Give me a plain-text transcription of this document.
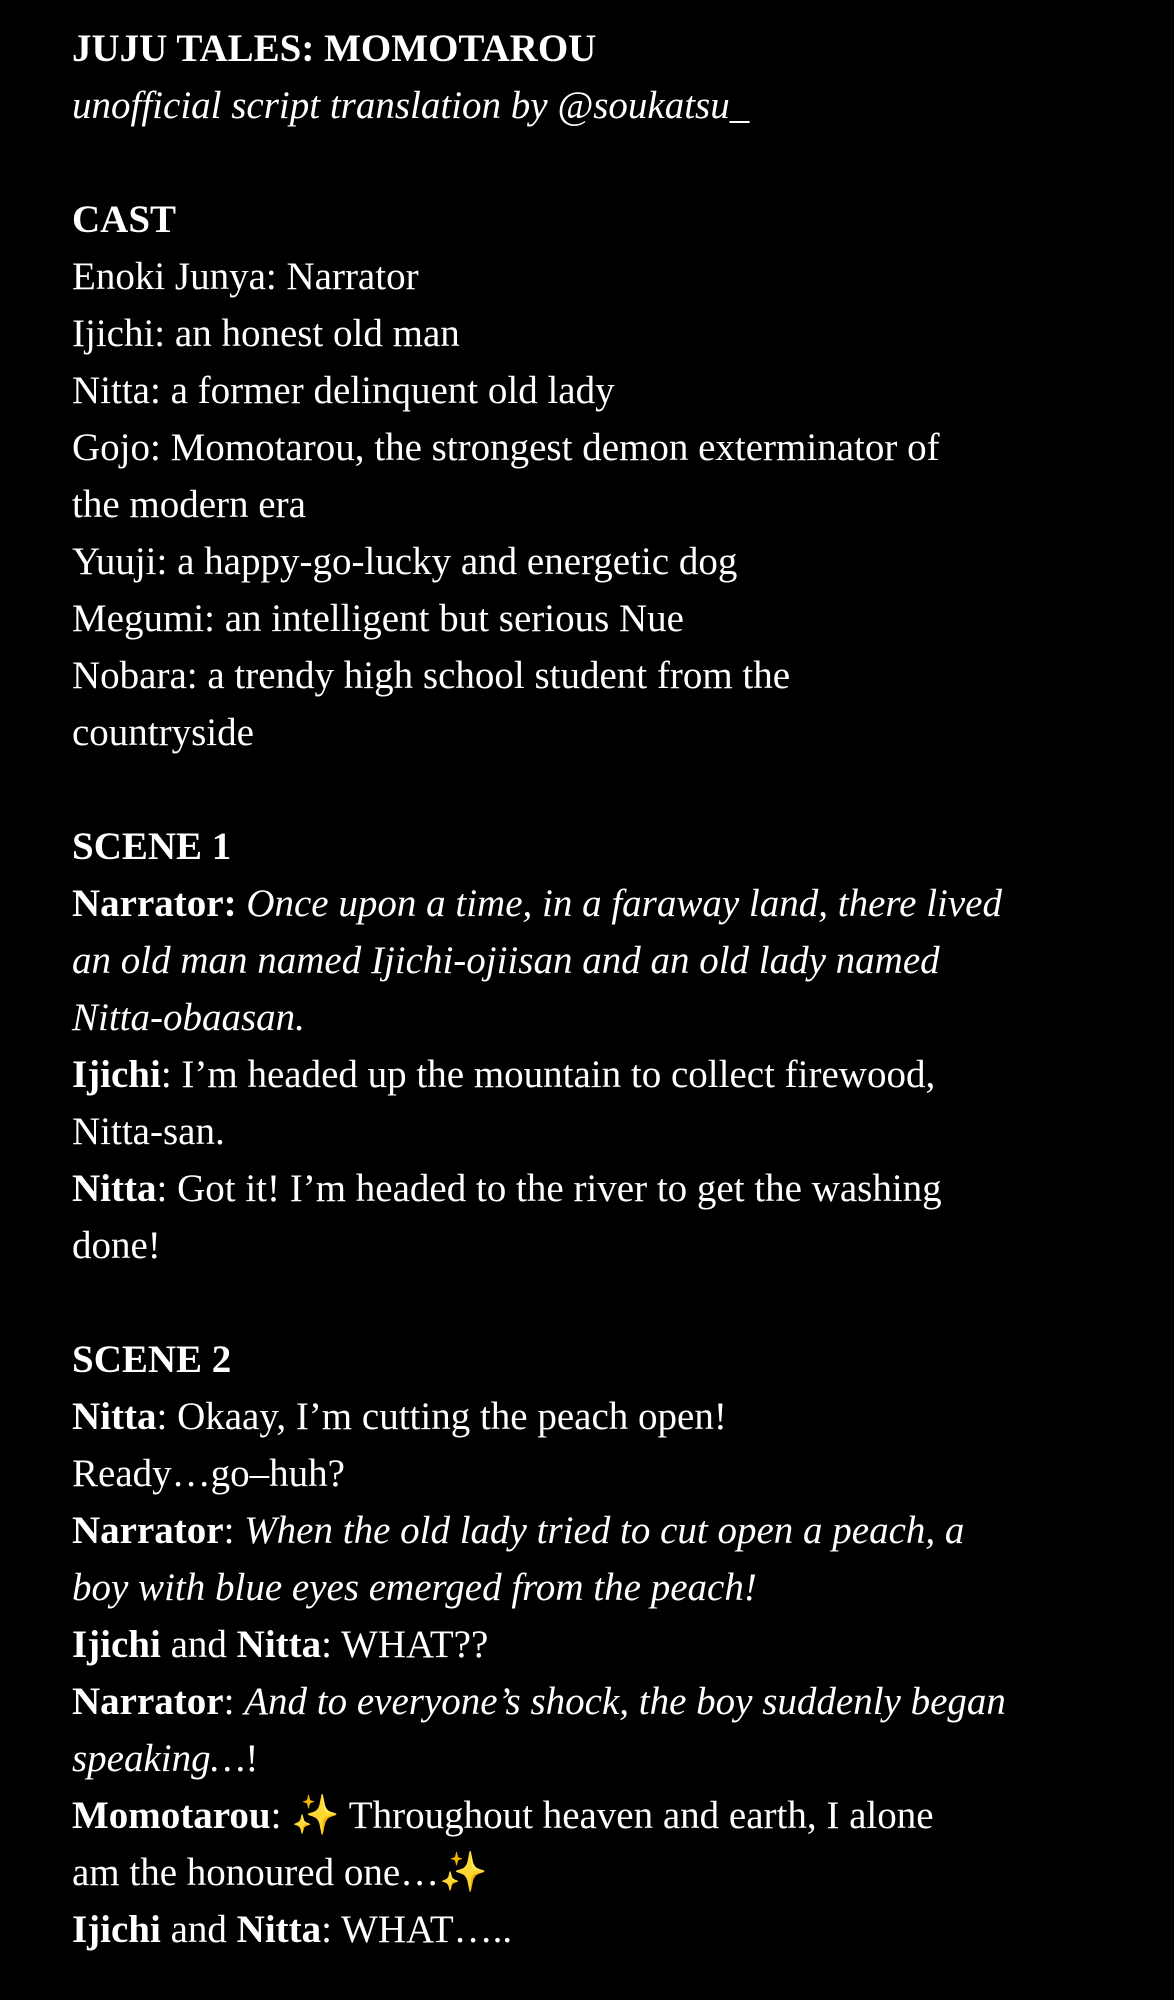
JUJU TALES: MOMOTAROU
unofficial script translation by @soukatsu_
CAST
Enoki Junya: Narrator
Ijichi: an honest old man
Nitta: a former delinquent old lady
Gojo: Momotarou, the strongest demon exterminator of
the modern era
Yuuji: a happy-go-lucky and energetic dog
Megumi: an intelligent but serious Nue
Nobara: a trendy high school student from the
countryside
SCENE 1
Narrator: Once upon a time, in a faraway land, there lived
an old man named Ijichi-ojiisan and an old lady named
Nitta-obaasan.
Ijichi: I’m headed up the mountain to collect firewood,
Nitta-san.
Nitta: Got it! I’m headed to the river to get the washing
done!
SCENE 2
Nitta: Okaay, I’m cutting the peach open!
Ready…go–huh?
Narrator: When the old lady tried to cut open a peach, a
boy with blue eyes emerged from the peach!
Ijichi and Nitta: WHAT??
Narrator: And to everyone’s shock, the boy suddenly began
speaking…!
Momotarou: ✨ Throughout heaven and earth, I alone
am the honoured one…✨
Ijichi and Nitta: WHAT…..
